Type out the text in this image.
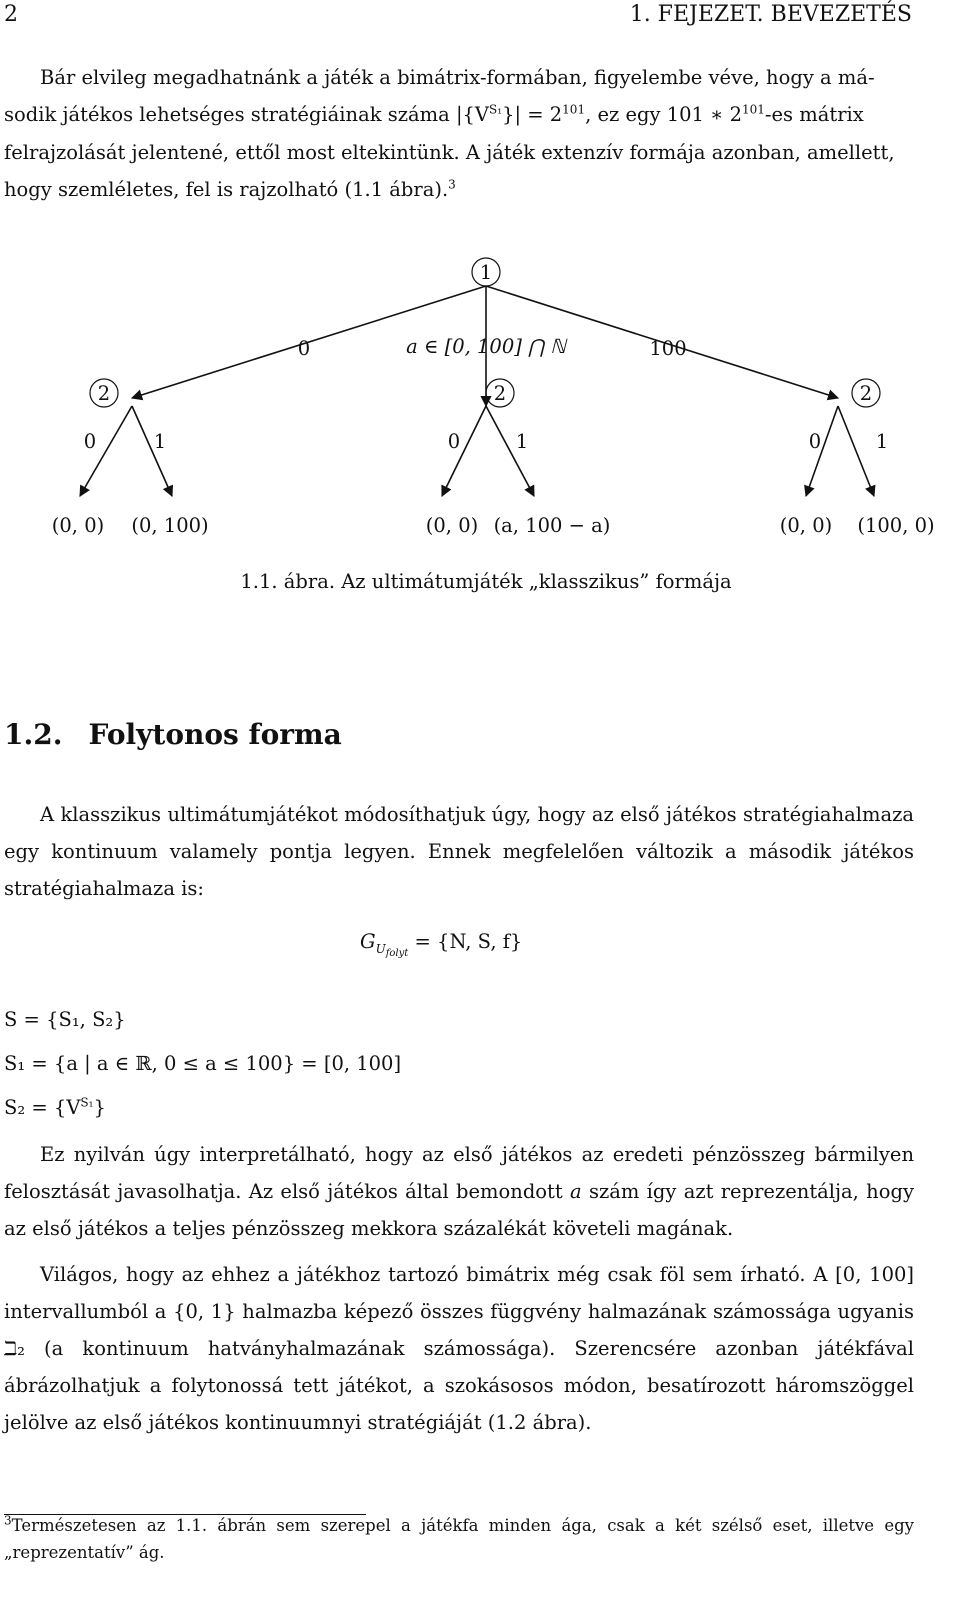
2	1. FEJEZET. BEVEZETÉS
Bár elvileg megadhatnánk a játék a bimátrix-formában, figyelembe véve, hogy a má-
sodik játékos lehetséges stratégiáinak száma $|\{V^{S_1}\}| = 2^{101}$, ez egy 101 ∗ $2^{101}-es$ mátrix
felrajzolását jelentené, ettől most eltekintünk. A játék extenzív formája azonban, amellett,
hogy szemléletes, fel is rajzolható (1.1 ábra).$^3$
1
0	a ∈ [0, 100] ⋂ ℕ	100
2	2	2
0	1	0	1	0	1
(0, 0) (0, 100)	(0, 0) (a, 100 − a)	(0, 0) (100, 0)
1.1. ábra. Az ultimátumjáték „klasszikus” formája
1.2. Folytonos forma
A klasszikus ultimátumjátékot módosíthatjuk úgy, hogy az első játékos stratégiahalmaza egy kontinuum valamely pontja legyen. Ennek megfelelően változik a második játékos stratégiahalmaza is:
$G_{U_{folyt}} = \{N$, S, f}
S = {S₁, S₂}
S₁ = {a | a ∈ ℝ, 0 ≤ a ≤ 100} = [0, 100]
$S_2 = \{V^{S_1}\}$
Ez nyilván úgy interpretálható, hogy az első játékos az eredeti pénzösszeg bármilyen felosztását javasolhatja. Az első játékos által bemondott a szám így azt reprezentálja, hogy az első játékos a teljes pénzösszeg mekkora százalékát követeli magának.
Világos, hogy az ehhez a játékhoz tartozó bimátrix még csak föl sem írható. A [0, 100] intervallumból a {0, 1} halmazba képező összes függvény halmazának számossága ugyanis ℶ₂ (a kontinuum hatványhalmazának számossága). Szerencsére azonban játékfával ábrázolhatjuk a folytonossá tett játékot, a szokásosos módon, besatírozott háromszöggel jelölve az első játékos kontinuumnyi stratégiáját (1.2 ábra).
$^3$Természetesen az 1.1. ábrán sem szerepel a játékfa minden ága, csak a két szélső eset, illetve egy „reprezentatív” ág.
